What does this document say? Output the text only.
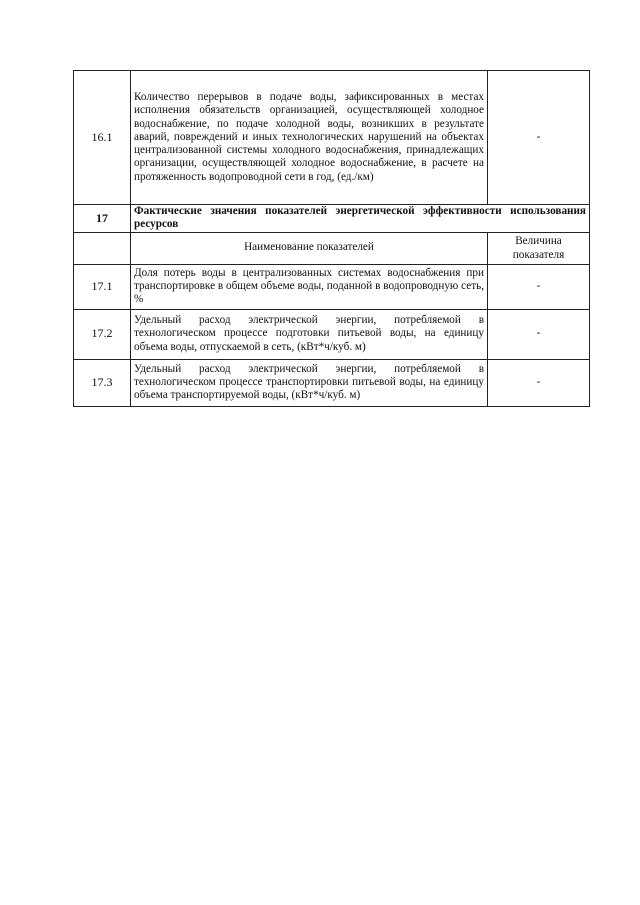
16.1	Количество перерывов в подаче воды, зафиксированных в местах исполнения обязательств организацией, осуществляющей холодное водоснабжение, по подаче холодной воды, возникших в результате аварий, повреждений и иных технологических нарушений на объектах централизованной системы холодного водоснабжения, принадлежащих организации, осуществляющей холодное водоснабжение, в расчете на протяженность водопроводной сети в год, (ед./км)	-
17	Фактические значения показателей энергетической эффективности использования ресурсов	
	Наименование показателей	Величина показателя
17.1	Доля потерь воды в централизованных системах водоснабжения при транспортировке в общем объеме воды, поданной в водопроводную сеть, %	-
17.2	Удельный расход электрической энергии, потребляемой в технологическом процессе подготовки питьевой воды, на единицу объема воды, отпускаемой в сеть, (кВт*ч/куб. м)	-
17.3	Удельный расход электрической энергии, потребляемой в технологическом процессе транспортировки питьевой воды, на единицу объема транспортируемой воды, (кВт*ч/куб. м)	-
